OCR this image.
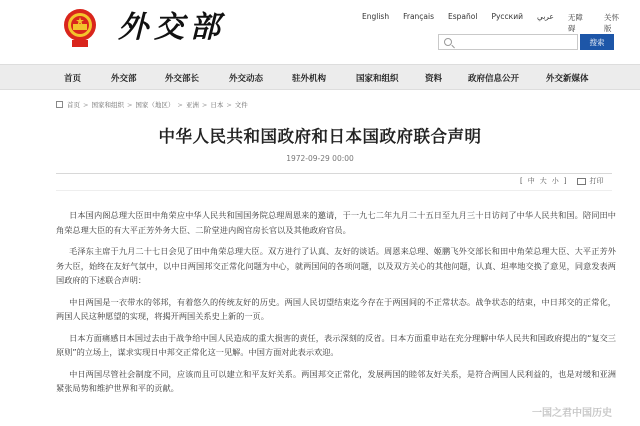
外交部	English Français Español Русский عربي 无障碍
关怀版
搜索
首页	外交部	外交部长	外交动态	驻外机构	国家和组织	资料	政府信息公开	外交新媒体
首页 > 国家和组织 > 国家（地区） > 亚洲 > 日本 > 文件
中华人民共和国政府和日本国政府联合声明
1972-09-29 00:00
[ 中 大 小 ]	打印

日本国内阁总理大臣田中角荣应中华人民共和国国务院总理周恩来的邀请，于一九七二年九月二十五日至九月三十日访问了中华人民共和国。陪同田中角荣总理大臣的有大平正芳外务大臣、二阶堂进内阁官房长官以及其他政府官员。

毛泽东主席于九月二十七日会见了田中角荣总理大臣。双方进行了认真、友好的谈话。周恩来总理、姬鹏飞外交部长和田中角荣总理大臣、大平正芳外务大臣，始终在友好气氛中，以中日两国邦交正常化问题为中心，就两国间的各项问题，以及双方关心的其他问题，认真、坦率地交换了意见，同意发表两国政府的下述联合声明：

中日两国是一衣带水的邻邦，有着悠久的传统友好的历史。两国人民切望结束迄今存在于两国间的不正常状态。战争状态的结束，中日邦交的正常化，两国人民这种愿望的实现，将揭开两国关系史上新的一页。

日本方面痛感日本国过去由于战争给中国人民造成的重大损害的责任，表示深刻的反省。日本方面重申站在充分理解中华人民共和国政府提出的“复交三原则”的立场上，谋求实现日中邦交正常化这一见解。中国方面对此表示欢迎。

中日两国尽管社会制度不同，应该而且可以建立和平友好关系。两国邦交正常化，发展两国的睦邻友好关系，是符合两国人民利益的，也是对缓和亚洲紧张局势和维护世界和平的贡献。

一国之君中国历史
